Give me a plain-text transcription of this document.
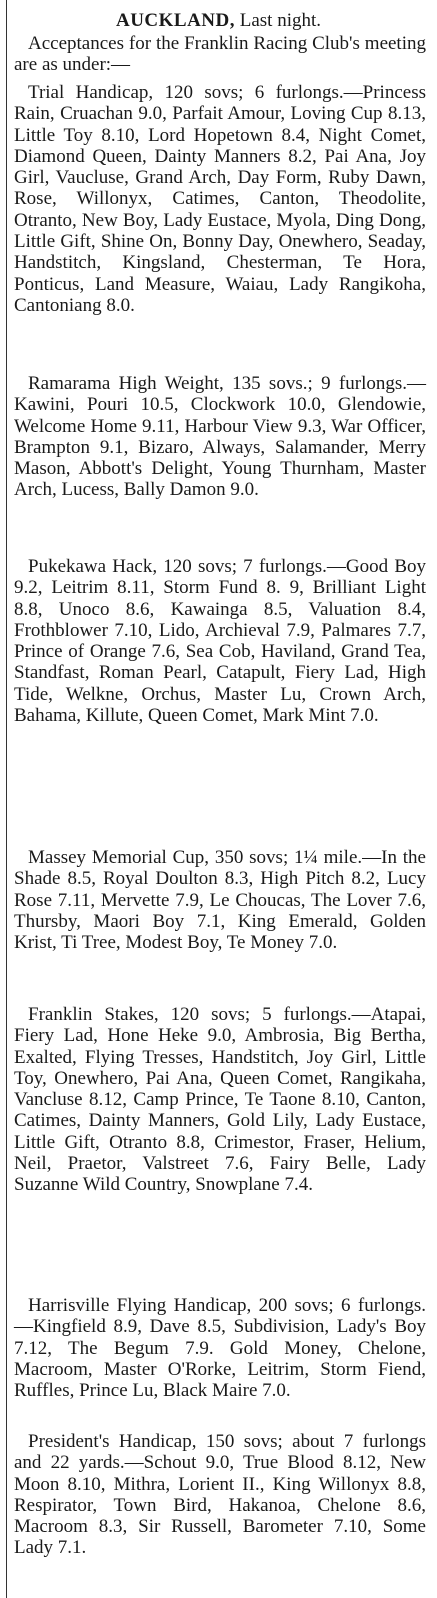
AUCKLAND, Last night.

Acceptances for the Franklin Racing Club's meeting are as under:—

Trial Handicap, 120 sovs; 6 furlongs.—Princess Rain, Cruachan 9.0, Parfait Amour, Loving Cup 8.13, Little Toy 8.10, Lord Hopetown 8.4, Night Comet, Diamond Queen, Dainty Manners 8.2, Pai Ana, Joy Girl, Vaucluse, Grand Arch, Day Form, Ruby Dawn, Rose, Willonyx, Catimes, Canton, Theodolite, Otranto, New Boy, Lady Eustace, Myola, Ding Dong, Little Gift, Shine On, Bonny Day, Onewhero, Seaday, Handstitch, Kingsland, Chesterman, Te Hora, Ponticus, Land Measure, Waiau, Lady Rangikoha, Cantoniang 8.0.

Ramarama High Weight, 135 sovs.; 9 furlongs.—Kawini, Pouri 10.5, Clockwork 10.0, Glendowie, Welcome Home 9.11, Harbour View 9.3, War Officer, Brampton 9.1, Bizaro, Always, Salamander, Merry Mason, Abbott's Delight, Young Thurnham, Master Arch, Lucess, Bally Damon 9.0.

Pukekawa Hack, 120 sovs; 7 furlongs.—Good Boy 9.2, Leitrim 8.11, Storm Fund 8. 9, Brilliant Light 8.8, Unoco 8.6, Kawainga 8.5, Valuation 8.4, Frothblower 7.10, Lido, Archieval 7.9, Palmares 7.7, Prince of Orange 7.6, Sea Cob, Haviland, Grand Tea, Standfast, Roman Pearl, Catapult, Fiery Lad, High Tide, Welkne, Orchus, Master Lu, Crown Arch, Bahama, Killute, Queen Comet, Mark Mint 7.0.

Massey Memorial Cup, 350 sovs; 1¼ mile.—In the Shade 8.5, Royal Doulton 8.3, High Pitch 8.2, Lucy Rose 7.11, Mervette 7.9, Le Choucas, The Lover 7.6, Thursby, Maori Boy 7.1, King Emerald, Golden Krist, Ti Tree, Modest Boy, Te Money 7.0.

Franklin Stakes, 120 sovs; 5 furlongs.—Atapai, Fiery Lad, Hone Heke 9.0, Ambrosia, Big Bertha, Exalted, Flying Tresses, Handstitch, Joy Girl, Little Toy, Onewhero, Pai Ana, Queen Comet, Rangikaha, Vancluse 8.12, Camp Prince, Te Taone 8.10, Canton, Catimes, Dainty Manners, Gold Lily, Lady Eustace, Little Gift, Otranto 8.8, Crimestor, Fraser, Helium, Neil, Praetor, Valstreet 7.6, Fairy Belle, Lady Suzanne Wild Country, Snowplane 7.4.

Harrisville Flying Handicap, 200 sovs; 6 furlongs.—Kingfield 8.9, Dave 8.5, Subdivision, Lady's Boy 7.12, The Begum 7.9. Gold Money, Chelone, Macroom, Master O'Rorke, Leitrim, Storm Fiend, Ruffles, Prince Lu, Black Maire 7.0.

President's Handicap, 150 sovs; about 7 furlongs and 22 yards.—Schout 9.0, True Blood 8.12, New Moon 8.10, Mithra, Lorient II., King Willonyx 8.8, Respirator, Town Bird, Hakanoa, Chelone 8.6, Macroom 8.3, Sir Russell, Barometer 7.10, Some Lady 7.1.
